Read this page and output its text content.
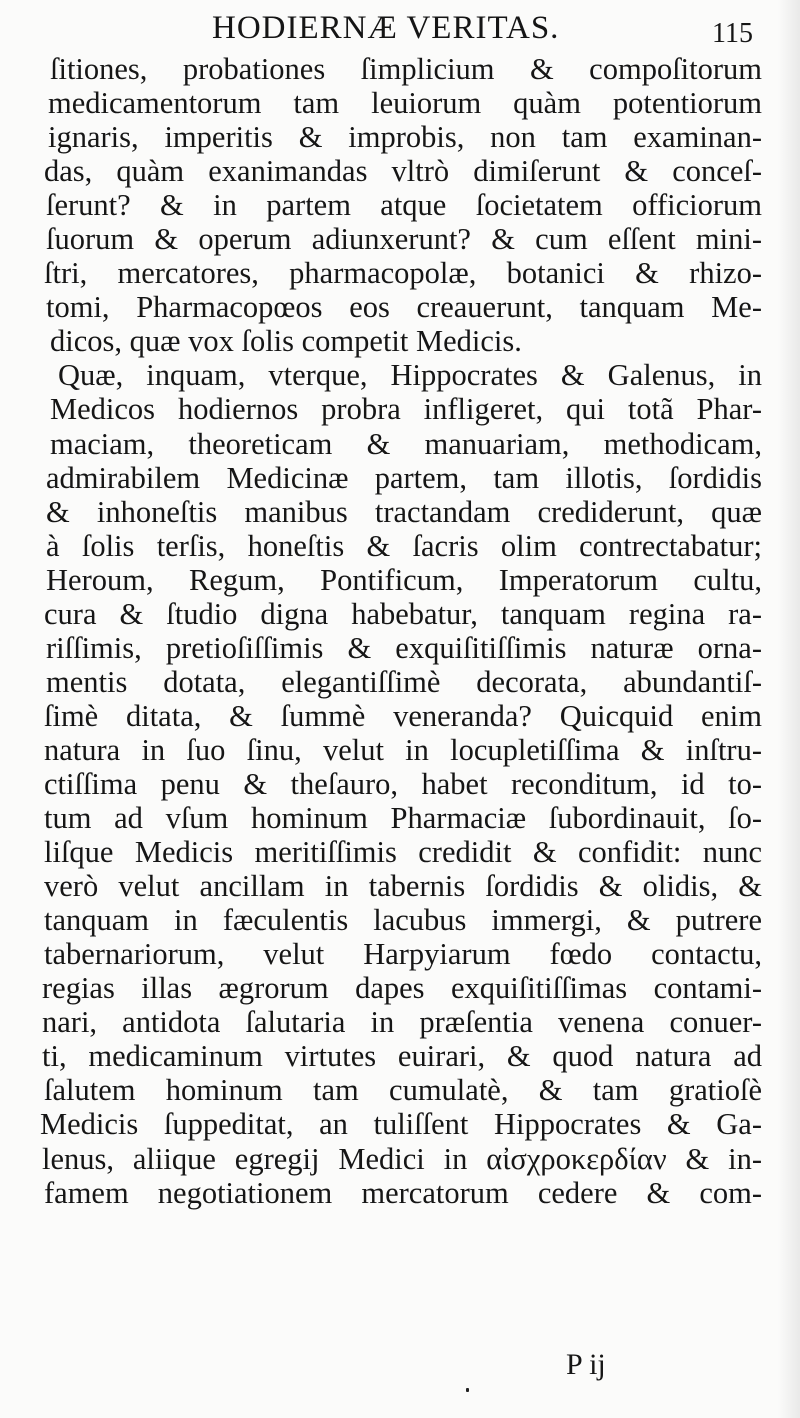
HODIERNÆ VERITAS.	115
ſitiones, probationes ſimplicium & compoſitorum
medicamentorum tam leuiorum quàm potentiorum
ignaris, imperitis & improbis, non tam examinan-
das, quàm exanimandas vltrò dimiſerunt & conceſ-
ſerunt? & in partem atque ſocietatem officiorum
ſuorum & operum adiunxerunt? & cum eſſent mini-
ſtri, mercatores, pharmacopolæ, botanici & rhizo-
tomi, Pharmacopœos eos creauerunt, tanquam Me-
dicos, quæ vox ſolis competit Medicis.
Quæ, inquam, vterque, Hippocrates & Galenus, in
Medicos hodiernos probra infligeret, qui totã Phar-
maciam, theoreticam & manuariam, methodicam,
admirabilem Medicinæ partem, tam illotis, ſordidis
& inhoneſtis manibus tractandam crediderunt, quæ
à ſolis terſis, honeſtis & ſacris olim contrectabatur;
Heroum, Regum, Pontificum, Imperatorum cultu,
cura & ſtudio digna habebatur, tanquam regina ra-
riſſimis, pretioſiſſimis & exquiſitiſſimis naturæ orna-
mentis dotata, elegantiſſimè decorata, abundantiſ-
ſimè ditata, & ſummè veneranda? Quicquid enim
natura in ſuo ſinu, velut in locupletiſſima & inſtru-
ctiſſima penu & theſauro, habet reconditum, id to-
tum ad vſum hominum Pharmaciæ ſubordinauit, ſo-
liſque Medicis meritiſſimis credidit & confidit: nunc
verò velut ancillam in tabernis ſordidis & olidis, &
tanquam in fæculentis lacubus immergi, & putrere
tabernariorum, velut Harpyiarum fœdo contactu,
regias illas ægrorum dapes exquiſitiſſimas contami-
nari, antidota ſalutaria in præſentia venena conuer-
ti, medicaminum virtutes euirari, & quod natura ad
ſalutem hominum tam cumulatè, & tam gratioſè
Medicis ſuppeditat, an tuliſſent Hippocrates & Ga-
lenus, aliique egregij Medici in αἰσχροκερδίαν & in-
famem negotiationem mercatorum cedere & com-
P ij
